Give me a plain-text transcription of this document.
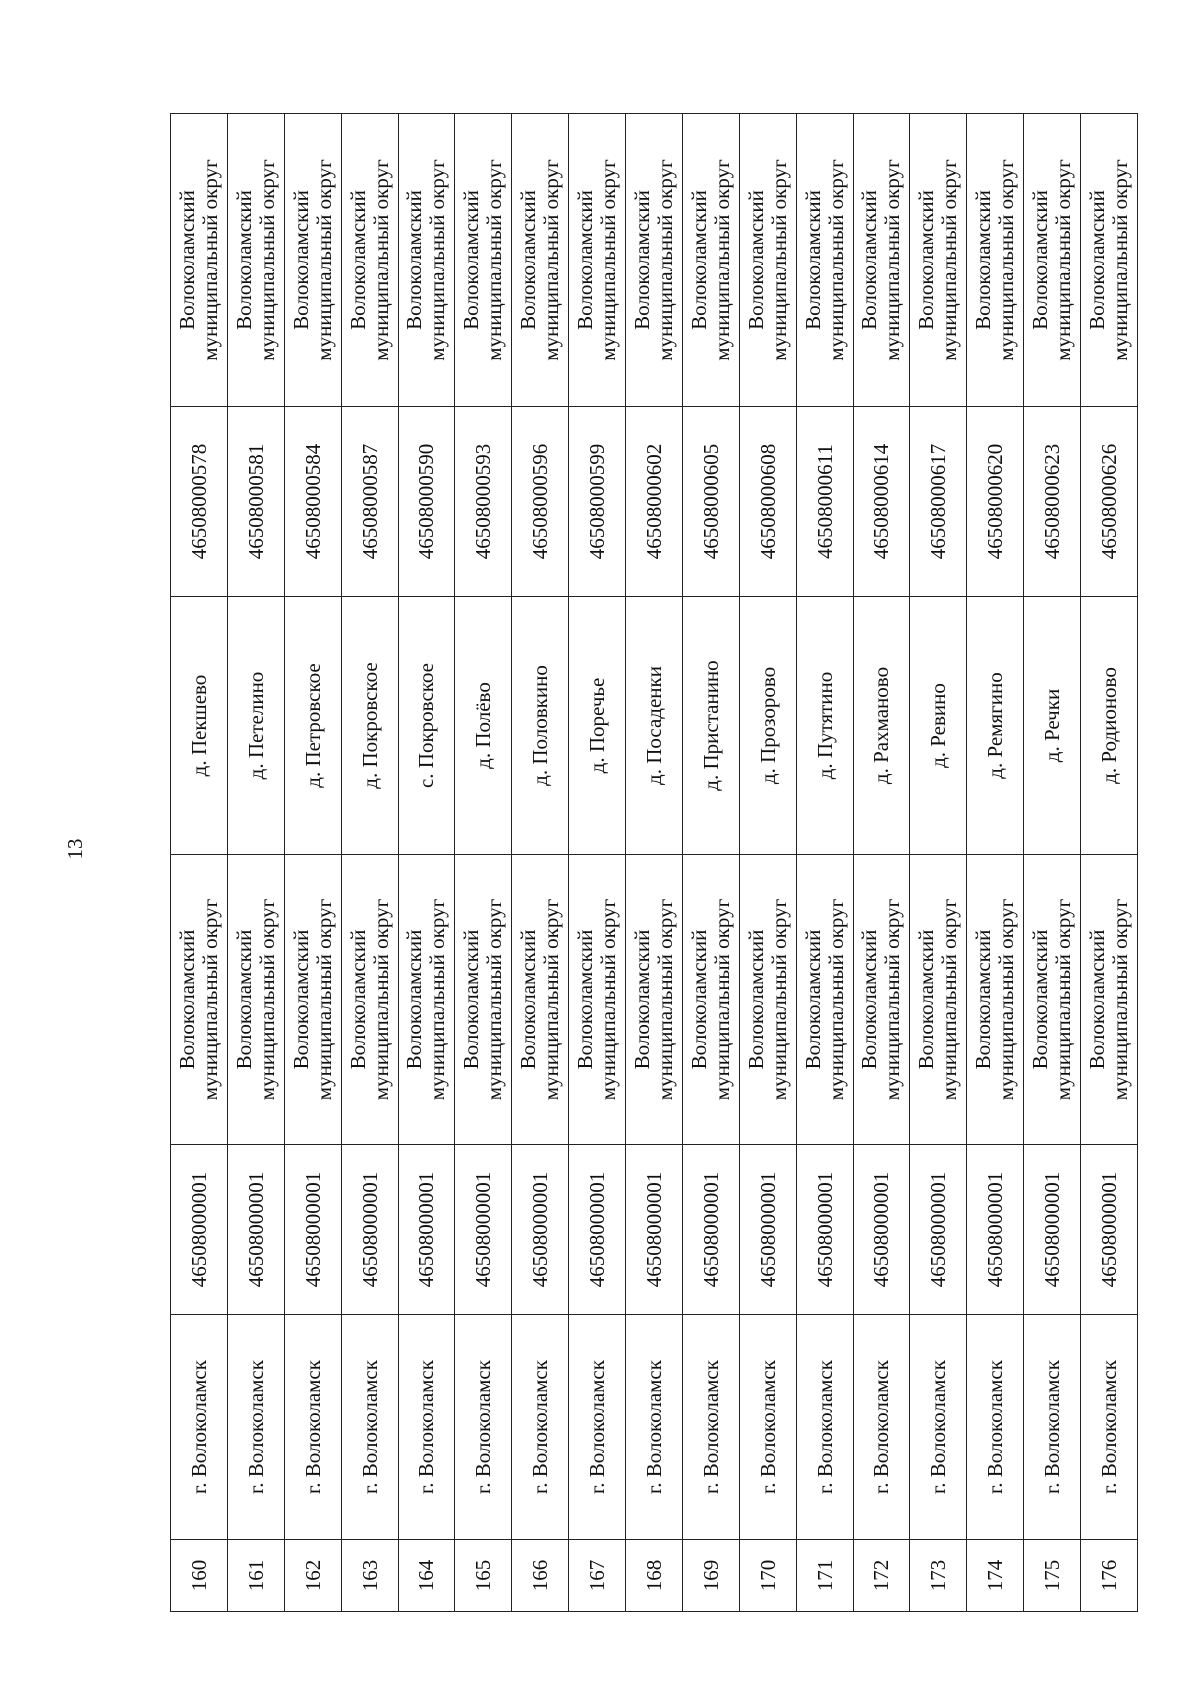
13
160	г. Волоколамск	46508000001	Волоколамский муниципальный округ	д. Пекшево	46508000578	Волоколамский муниципальный округ

161	г. Волоколамск	46508000001	Волоколамский муниципальный округ	д. Петелино	46508000581	Волоколамский муниципальный округ

162	г. Волоколамск	46508000001	Волоколамский муниципальный округ	д. Петровское	46508000584	Волоколамский муниципальный округ

163	г. Волоколамск	46508000001	Волоколамский муниципальный округ	д. Покровское	46508000587	Волоколамский муниципальный округ

164	г. Волоколамск	46508000001	Волоколамский муниципальный округ	с. Покровское	46508000590	Волоколамский муниципальный округ

165	г. Волоколамск	46508000001	Волоколамский муниципальный округ	д. Полёво	46508000593	Волоколамский муниципальный округ

166	г. Волоколамск	46508000001	Волоколамский муниципальный округ	д. Половкино	46508000596	Волоколамский муниципальный округ

167	г. Волоколамск	46508000001	Волоколамский муниципальный округ	д. Поречье	46508000599	Волоколамский муниципальный округ

168	г. Волоколамск	46508000001	Волоколамский муниципальный округ	д. Посаденки	46508000602	Волоколамский муниципальный округ

169	г. Волоколамск	46508000001	Волоколамский муниципальный округ	д. Пристанино	46508000605	Волоколамский муниципальный округ

170	г. Волоколамск	46508000001	Волоколамский муниципальный округ	д. Прозорово	46508000608	Волоколамский муниципальный округ

171	г. Волоколамск	46508000001	Волоколамский муниципальный округ	д. Путятино	46508000611	Волоколамский муниципальный округ

172	г. Волоколамск	46508000001	Волоколамский муниципальный округ	д. Рахманово	46508000614	Волоколамский муниципальный округ

173	г. Волоколамск	46508000001	Волоколамский муниципальный округ	д. Ревино	46508000617	Волоколамский муниципальный округ

174	г. Волоколамск	46508000001	Волоколамский муниципальный округ	д. Ремягино	46508000620	Волоколамский муниципальный округ

175	г. Волоколамск	46508000001	Волоколамский муниципальный округ	д. Речки	46508000623	Волоколамский муниципальный округ

176	г. Волоколамск	46508000001	Волоколамский муниципальный округ	д. Родионово	46508000626	Волоколамский муниципальный округ
